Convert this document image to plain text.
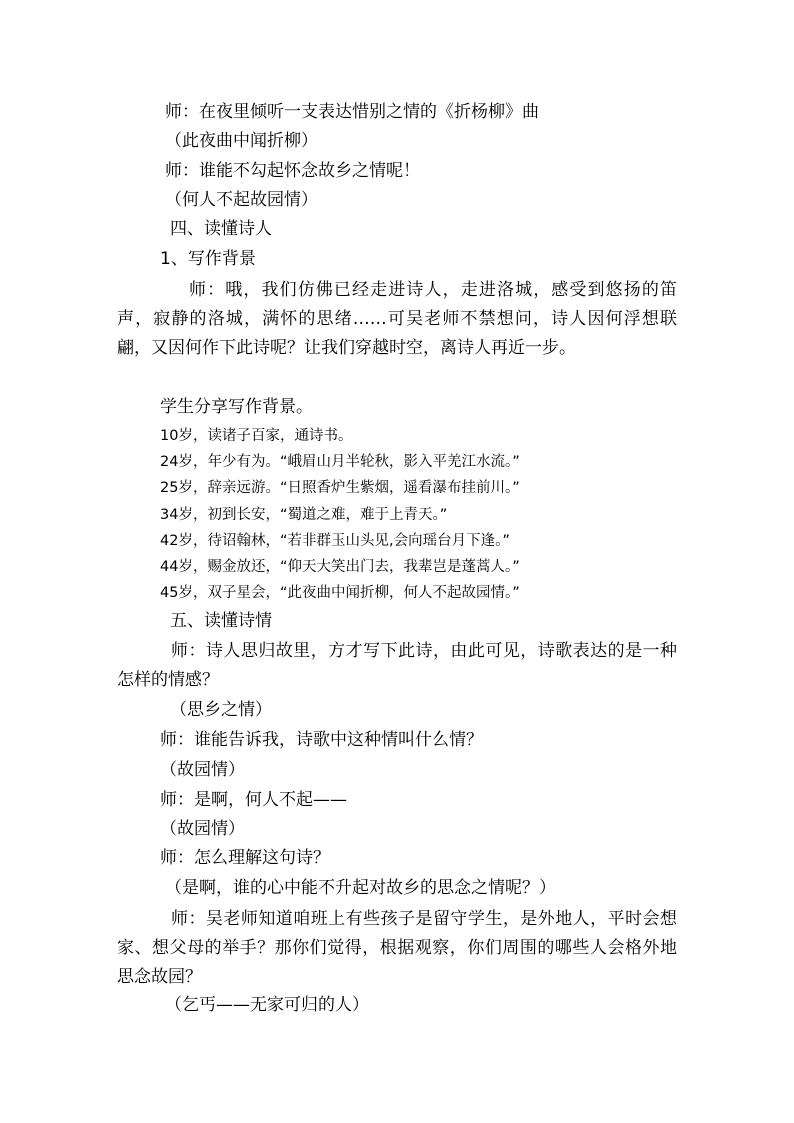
师：在夜里倾听一支表达惜别之情的《折杨柳》曲
（此夜曲中闻折柳）
师：谁能不勾起怀念故乡之情呢！
（何人不起故园情）
四、读懂诗人
1、写作背景
师：哦，我们仿佛已经走进诗人，走进洛城，感受到悠扬的笛声，寂静的洛城，满怀的思绪……可吴老师不禁想问，诗人因何浮想联翩，又因何作下此诗呢？让我们穿越时空，离诗人再近一步。
学生分享写作背景。
10岁，读诸子百家，通诗书。
24岁，年少有为。“峨眉山月半轮秋，影入平羌江水流。”
25岁，辞亲远游。“日照香炉生紫烟，遥看瀑布挂前川。”
34岁，初到长安，“蜀道之难，难于上青天。”
42岁，待诏翰林，“若非群玉山头见,会向瑶台月下逢。”
44岁，赐金放还，“仰天大笑出门去，我辈岂是蓬蒿人。”
45岁，双子星会，“此夜曲中闻折柳，何人不起故园情。”
五、读懂诗情
师：诗人思归故里，方才写下此诗，由此可见，诗歌表达的是一种怎样的情感？
（思乡之情）
师：谁能告诉我，诗歌中这种情叫什么情？
（故园情）
师：是啊，何人不起——
（故园情）
师：怎么理解这句诗？
（是啊，谁的心中能不升起对故乡的思念之情呢？）
师：吴老师知道咱班上有些孩子是留守学生，是外地人，平时会想家、想父母的举手？那你们觉得，根据观察，你们周围的哪些人会格外地思念故园？
（乞丐——无家可归的人）
